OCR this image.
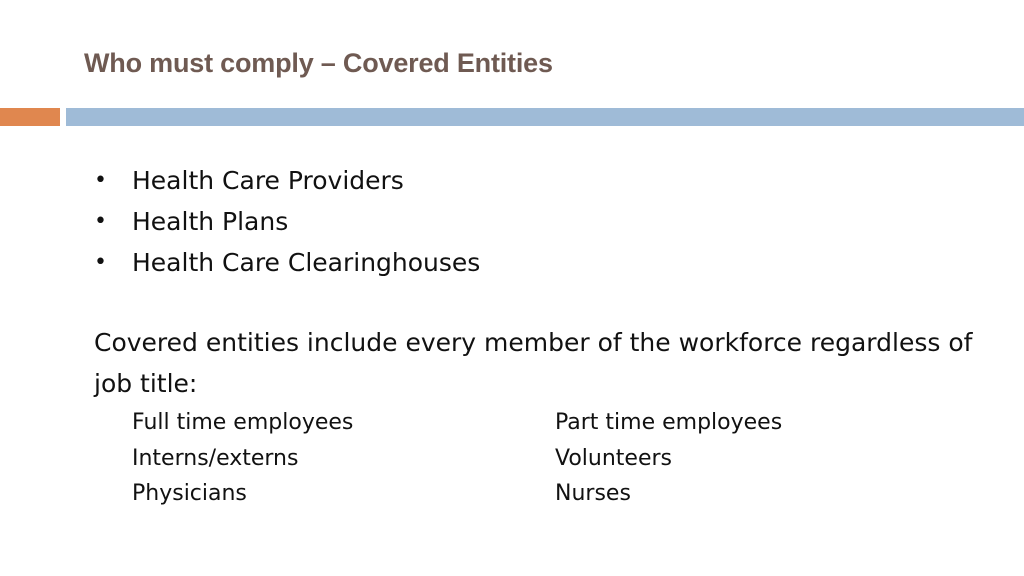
Who must comply – Covered Entities
• Health Care Providers
• Health Plans
• Health Care Clearinghouses

Covered entities include every member of the workforce regardless of job title:

Full time employees	Part time employees
Interns/externs	Volunteers
Physicians	Nurses
